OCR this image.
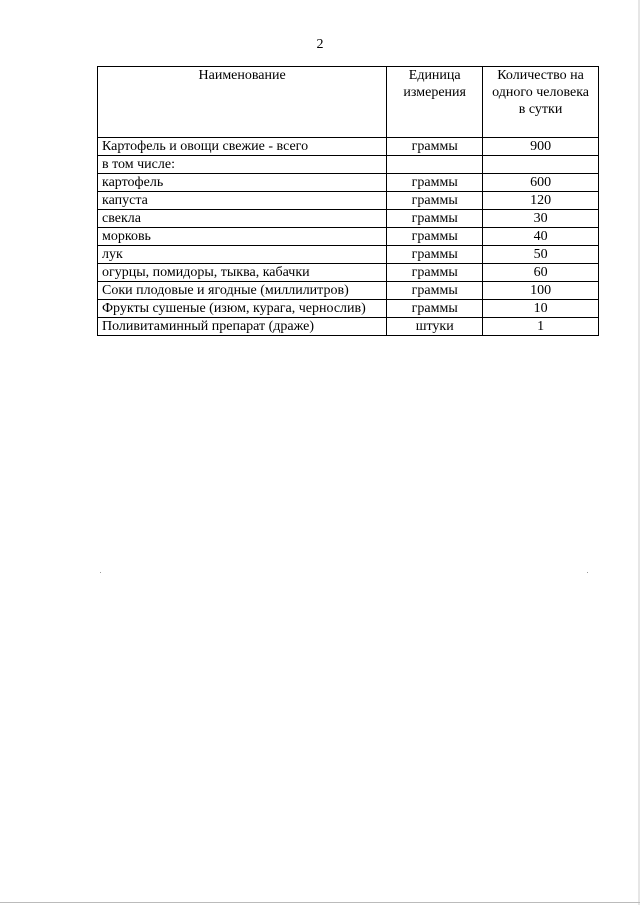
2
Наименование	Единица измерения	Количество на одного человека в сутки
Картофель и овощи свежие - всего	граммы	900
в том числе:		
картофель	граммы	600
капуста	граммы	120
свекла	граммы	30
морковь	граммы	40
лук	граммы	50
огурцы, помидоры, тыква, кабачки	граммы	60
Соки плодовые и ягодные (миллилитров)	граммы	100
Фрукты сушеные (изюм, курага, чернослив)	граммы	10
Поливитаминный препарат (драже)	штуки	1
